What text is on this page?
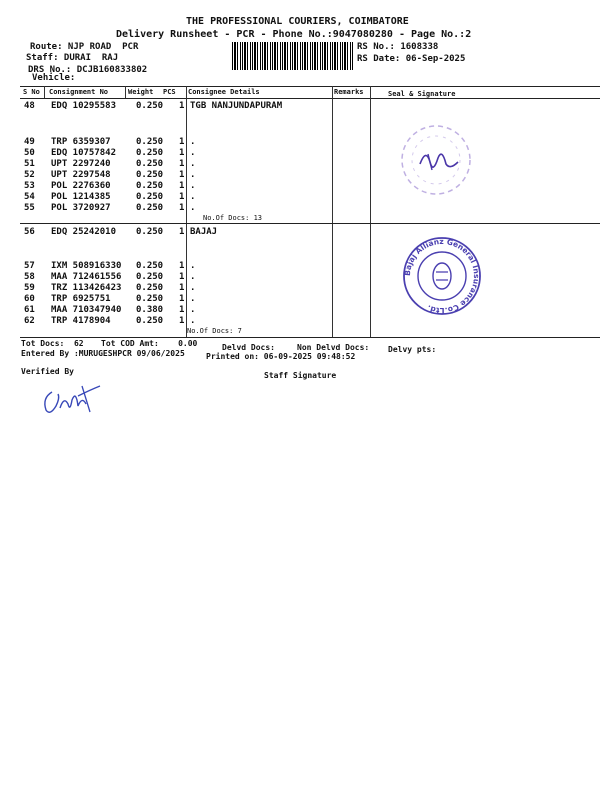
THE PROFESSIONAL COURIERS, COIMBATORE
Delivery Runsheet - PCR - Phone No.:9047080280 - Page No.:2
Route: NJP ROAD  PCR
Staff: DURAI  RAJ
DRS No.: DCJB160833802
Vehicle:
RS No.: 1608338
RS Date: 06-Sep-2025
S No Consignment No	Weight PCS Consignee Details	Remarks	Seal & Signature
48 EDQ 10295583 0.250 1 TGB NANJUNDAPURAM
49 TRP 6359307	0.250 1 .
50 EDQ 10757842 0.250 1 .
51 UPT 2297240	0.250 1 .
52 UPT 2297548	0.250 1 .
53 POL 2276360	0.250 1 .
54 POL 1214385	0.250 1 .
55 POL 3720927	0.250 1 .
No.Of Docs: 13
56 EDQ 25242010 0.250 1 BAJAJ
57 IXM 508916330 0.250 1 .
58 MAA 712461556 0.250 1 .
59 TRZ 113426423 0.250 1 .
60 TRP 6925751	0.250 1 .
61 MAA 710347940 0.380 1 .
62 TRP 4178904	0.250 1 .
No.Of Docs: 7
Bajaj Allianz General Insurance Co.Ltd.
Tot Docs:  62 Tot COD Amt:    0.00	Delvd Docs:	Non Delvd Docs: Delvy pts:
Entered By :MURUGESHPCR 09/06/2025	Printed on: 06-09-2025 09:48:52
Verified By	Staff Signature
